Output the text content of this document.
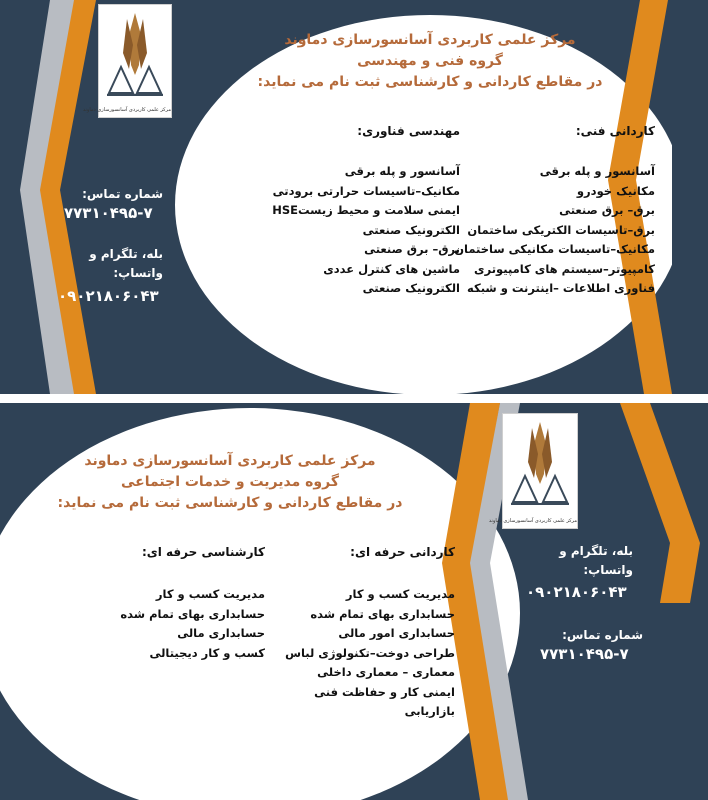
مرکز علمی کاربردی آسانسورسازی دماوند
مرکز علمی کاربردی آسانسورسازی دماوند
گروه فنی و مهندسی
در مقاطع کاردانی و کارشناسی ثبت نام می نماید:
کاردانی فنی:
آسانسور و پله برقی
مکانیک خودرو
برق– برق صنعتی
برق–تاسیسات الکتریکی ساختمان
مکانیک–تاسیسات مکانیکی ساختمان
کامپیوتر–سیستم های کامپیوتری
فناوری اطلاعات –اینترنت و شبکه
مهندسی فناوری:
آسانسور و پله برقی
مکانیک–تاسیسات حرارتی برودتی
ایمنی سلامت و محیط زیستHSE
الکترونیک صنعتی
برق– برق صنعتی
ماشین های کنترل عددی
الکترونیک صنعتی
شماره تماس:
۷۷۳۱۰۴۹۵-۷
بله، تلگرام و
واتساپ:
۰۹۰۲۱۸۰۶۰۴۳
مرکز علمی کاربردی آسانسورسازی دماوند
مرکز علمی کاربردی آسانسورسازی دماوند
گروه مدیریت و خدمات اجتماعی
در مقاطع کاردانی و کارشناسی ثبت نام می نماید:
کاردانی حرفه ای:
مدیریت کسب و کار
حسابداری بهای تمام شده
حسابداری امور مالی
طراحی دوخت–تکنولوژی لباس
معماری – معماری داخلی
ایمنی کار و حفاظت فنی
بازاریابی
کارشناسی حرفه ای:
مدیریت کسب و کار
حسابداری بهای تمام شده
حسابداری مالی
کسب و کار دیجیتالی
بله، تلگرام و
واتساپ:
۰۹۰۲۱۸۰۶۰۴۳
شماره تماس:
۷۷۳۱۰۴۹۵-۷
